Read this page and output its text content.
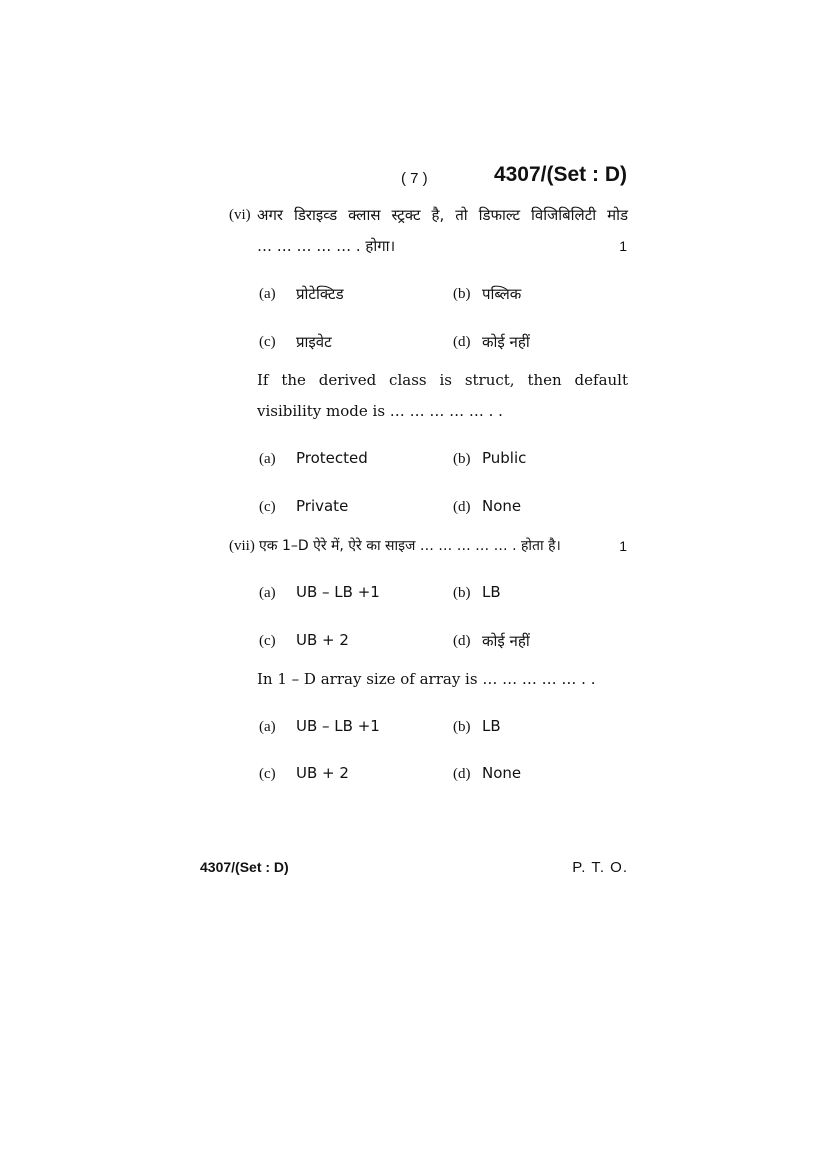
( 7 )	4307/(Set : D)
(vi) अगर डिराइव्ड क्लास स्ट्रक्ट है, तो डिफाल्ट विजिबिलिटी मोड
… … … … … . होगा।	1
(a) प्रोटेक्टिड	(b) पब्लिक
(c) प्राइवेट	(d) कोई नहीं
If the derived class is struct, then default
visibility mode is … … … … … . .
(a) Protected	(b) Public
(c) Private	(d) None
(vii) एक 1–D ऐरे में, ऐरे का साइज … … … … … . होता है।	1
(a) UB – LB +1	(b) LB
(c) UB + 2	(d) कोई नहीं
In 1 – D array size of array is … … … … … . .
(a) UB – LB +1	(b) LB
(c) UB + 2	(d) None
4307/(Set : D)	P. T. O.
